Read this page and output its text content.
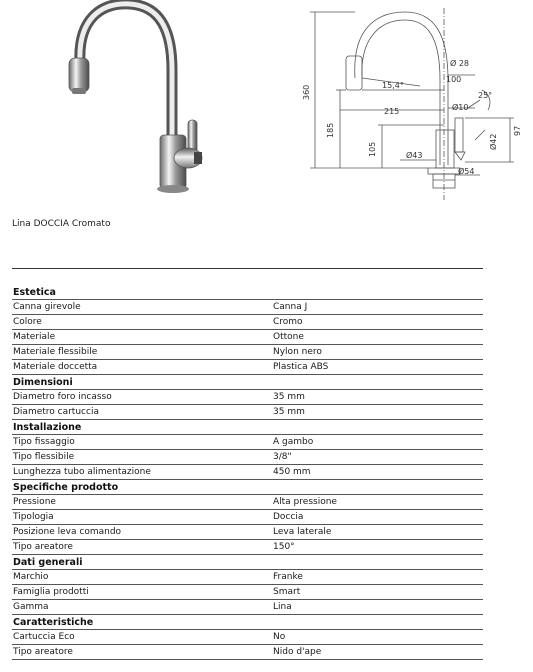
360
185
105
Ø 28
100
15,4°
215	Ø10
25°
Ø42
97
Ø43
Ø54
Lina DOCCIA Cromato
Estetica
Canna girevole	Canna J
Colore	Cromo
Materiale	Ottone
Materiale flessibile	Nylon nero
Materiale doccetta	Plastica ABS
Dimensioni
Diametro foro incasso	35 mm
Diametro cartuccia	35 mm
Installazione
Tipo fissaggio	A gambo
Tipo flessibile	3/8"
Lunghezza tubo alimentazione	450 mm
Specifiche prodotto
Pressione	Alta pressione
Tipologia	Doccia
Posizione leva comando	Leva laterale
Tipo areatore	150°
Dati generali
Marchio	Franke
Famiglia prodotti	Smart
Gamma	Lina
Caratteristiche
Cartuccia Eco	No
Tipo areatore	Nido d'ape
